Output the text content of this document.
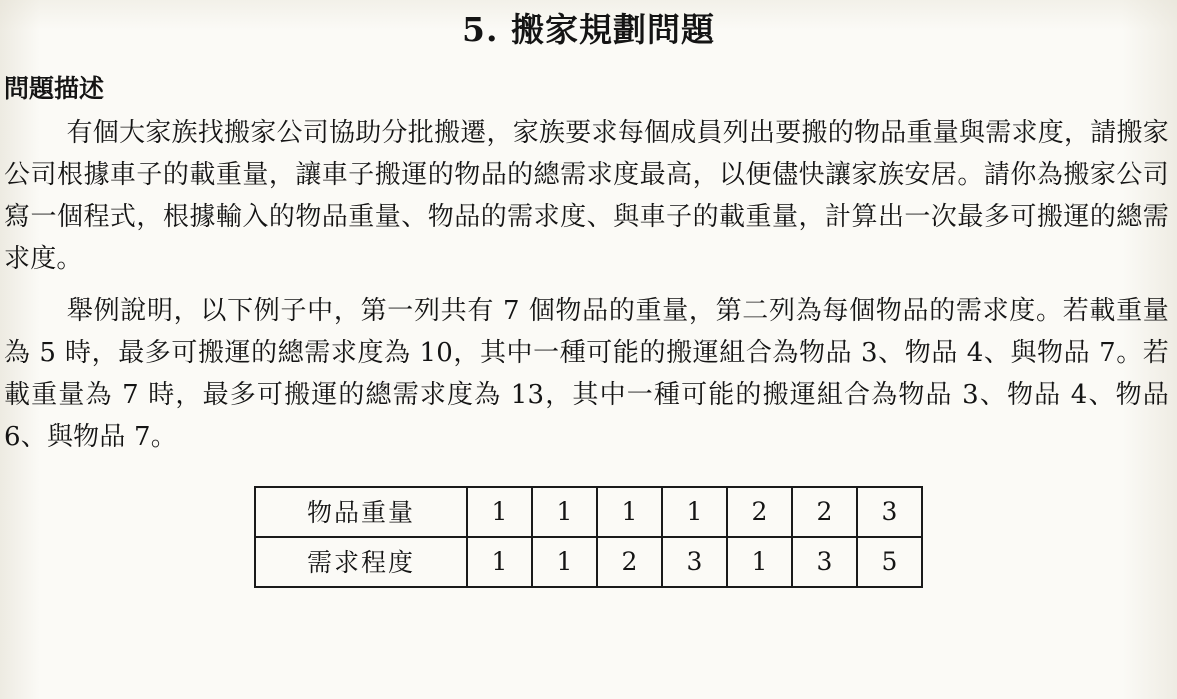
5. 搬家規劃問題
問題描述

有個大家族找搬家公司協助分批搬遷，家族要求每個成員列出要搬的物品重量與需求度，請搬家公司根據車子的載重量，讓車子搬運的物品的總需求度最高，以便儘快讓家族安居。請你為搬家公司寫一個程式，根據輸入的物品重量、物品的需求度、與車子的載重量，計算出一次最多可搬運的總需求度。

舉例說明，以下例子中，第一列共有 7 個物品的重量，第二列為每個物品的需求度。若載重量為 5 時，最多可搬運的總需求度為 10，其中一種可能的搬運組合為物品 3、物品 4、與物品 7。若載重量為 7 時，最多可搬運的總需求度為 13，其中一種可能的搬運組合為物品 3、物品 4、物品 6、與物品 7。

物品重量	1	1	1	1	2	2	3
需求程度	1	1	2	3	1	3	5
